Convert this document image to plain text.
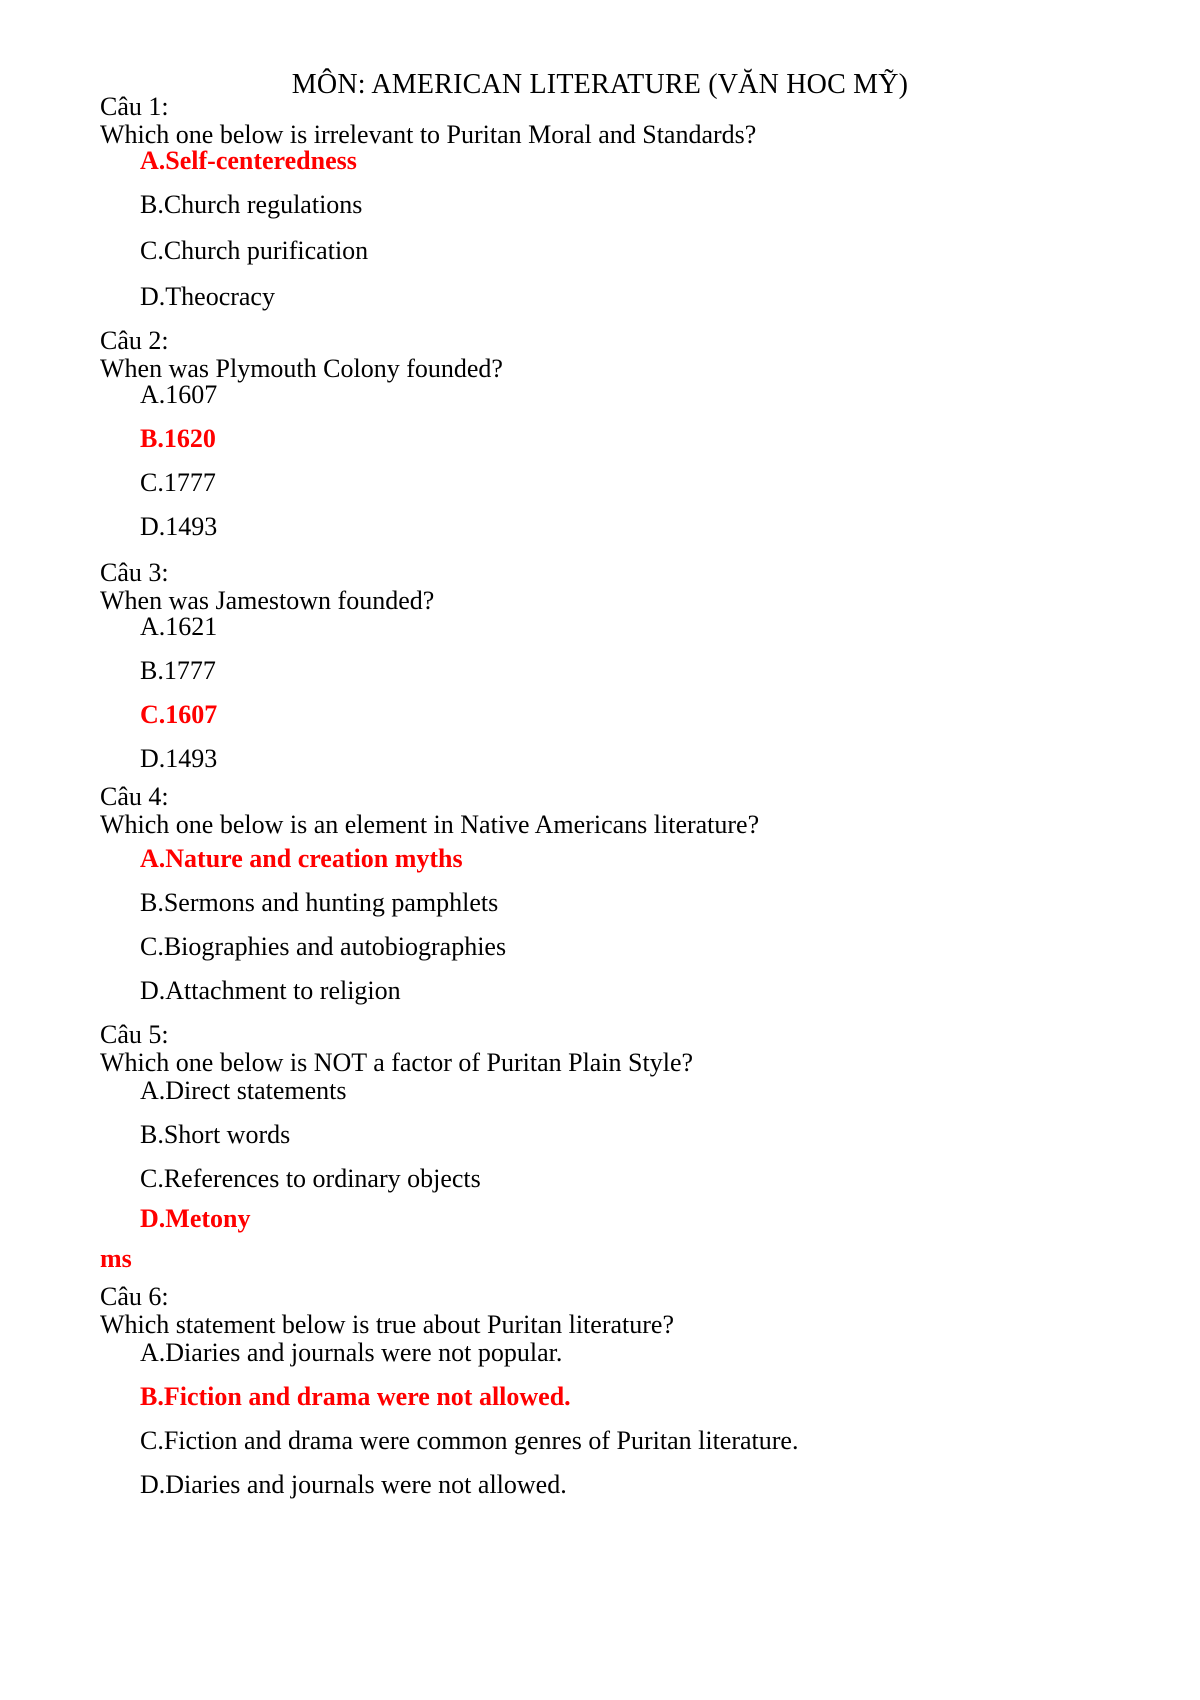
MÔN: AMERICAN LITERATURE (VĂN HOC MỸ)
Câu 1:
Which one below is irrelevant to Puritan Moral and Standards?
A.Self-centeredness
B.Church regulations
C.Church purification
D.Theocracy
Câu 2:
When was Plymouth Colony founded?
A.1607
B.1620
C.1777
D.1493
Câu 3:
When was Jamestown founded?
A.1621
B.1777
C.1607
D.1493
Câu 4:
Which one below is an element in Native Americans literature?
A.Nature and creation myths
B.Sermons and hunting pamphlets
C.Biographies and autobiographies
D.Attachment to religion
Câu 5:
Which one below is NOT a factor of Puritan Plain Style?
A.Direct statements
B.Short words
C.References to ordinary objects
D.Metony
ms
Câu 6:
Which statement below is true about Puritan literature?
A.Diaries and journals were not popular.
B.Fiction and drama were not allowed.
C.Fiction and drama were common genres of Puritan literature.
D.Diaries and journals were not allowed.
